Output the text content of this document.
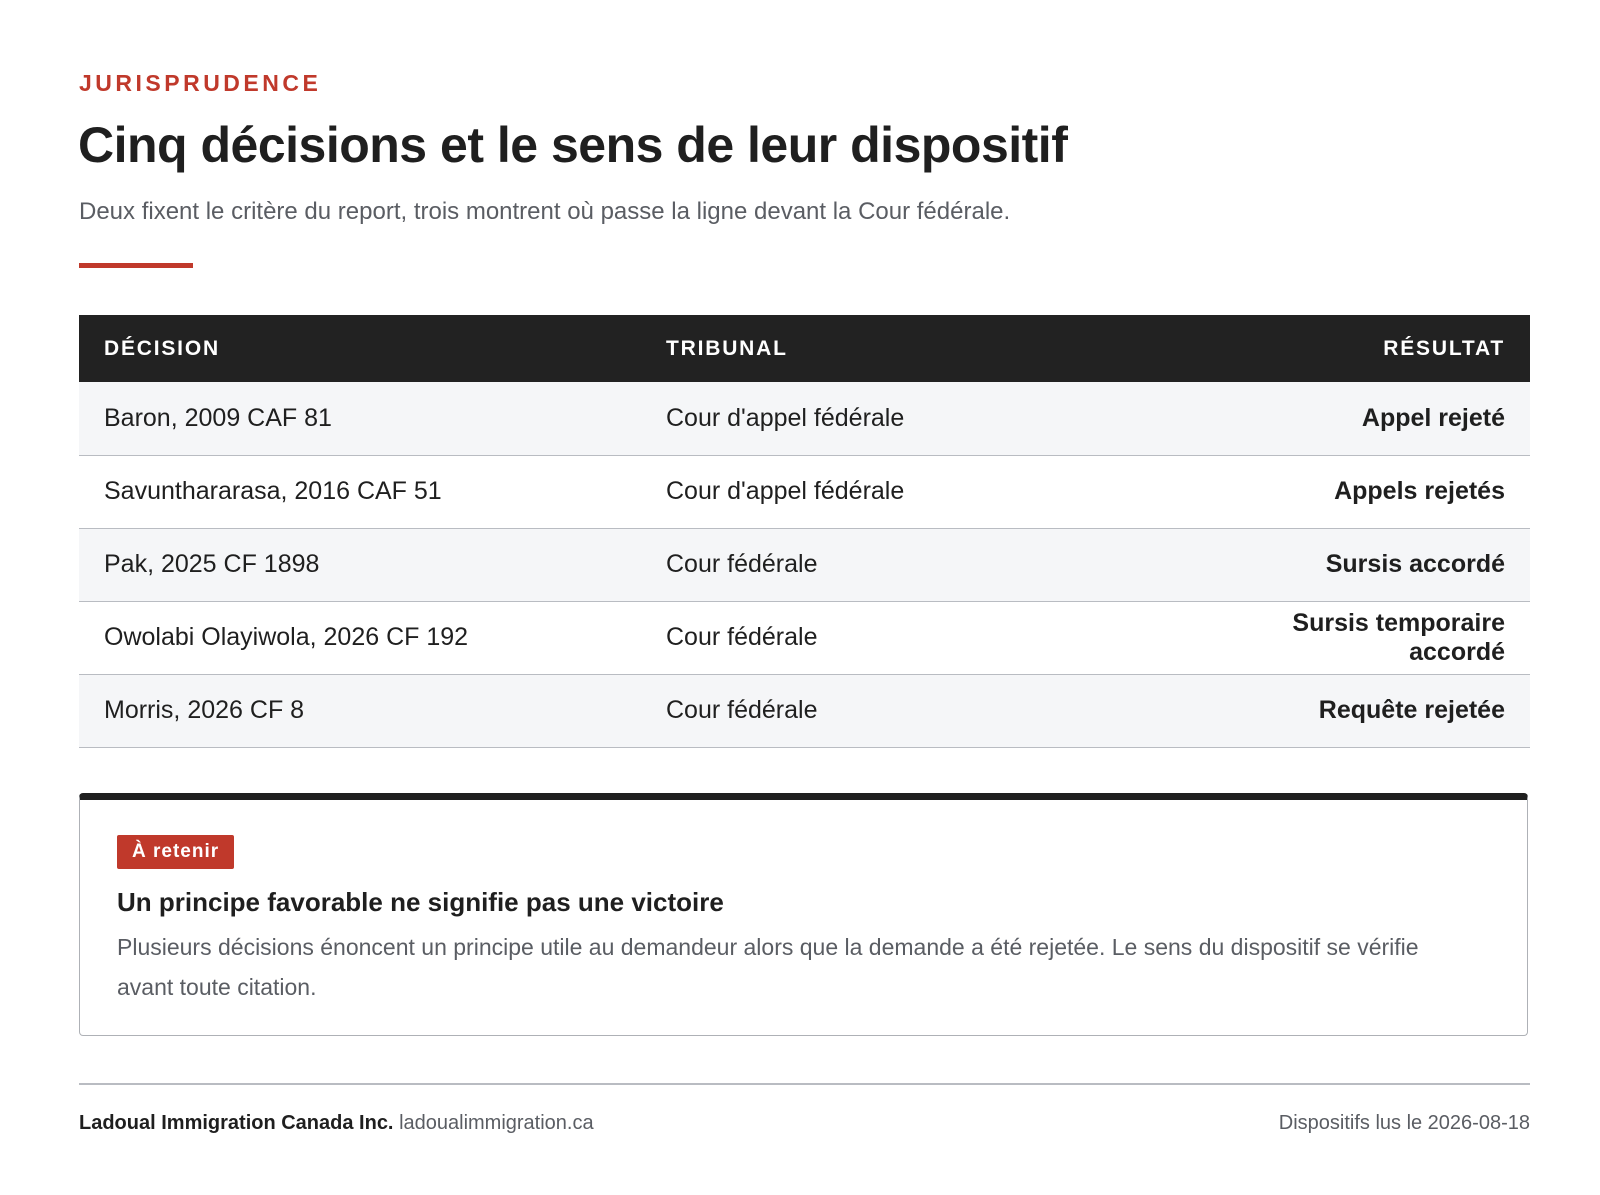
JURISPRUDENCE
Cinq décisions et le sens de leur dispositif

Deux fixent le critère du report, trois montrent où passe la ligne devant la Cour fédérale.

DÉCISION	TRIBUNAL	RÉSULTAT
Baron, 2009 CAF 81	Cour d'appel fédérale	Appel rejeté
Savunthararasa, 2016 CAF 51	Cour d'appel fédérale	Appels rejetés
Pak, 2025 CF 1898	Cour fédérale	Sursis accordé
Owolabi Olayiwola, 2026 CF 192	Cour fédérale	Sursis temporaire accordé
Morris, 2026 CF 8	Cour fédérale	Requête rejetée
À retenir
Un principe favorable ne signifie pas une victoire

Plusieurs décisions énoncent un principe utile au demandeur alors que la demande a été rejetée. Le sens du dispositif se vérifie avant toute citation.

Ladoual Immigration Canada Inc. ladoualimmigration.ca	Dispositifs lus le 2026-08-18
